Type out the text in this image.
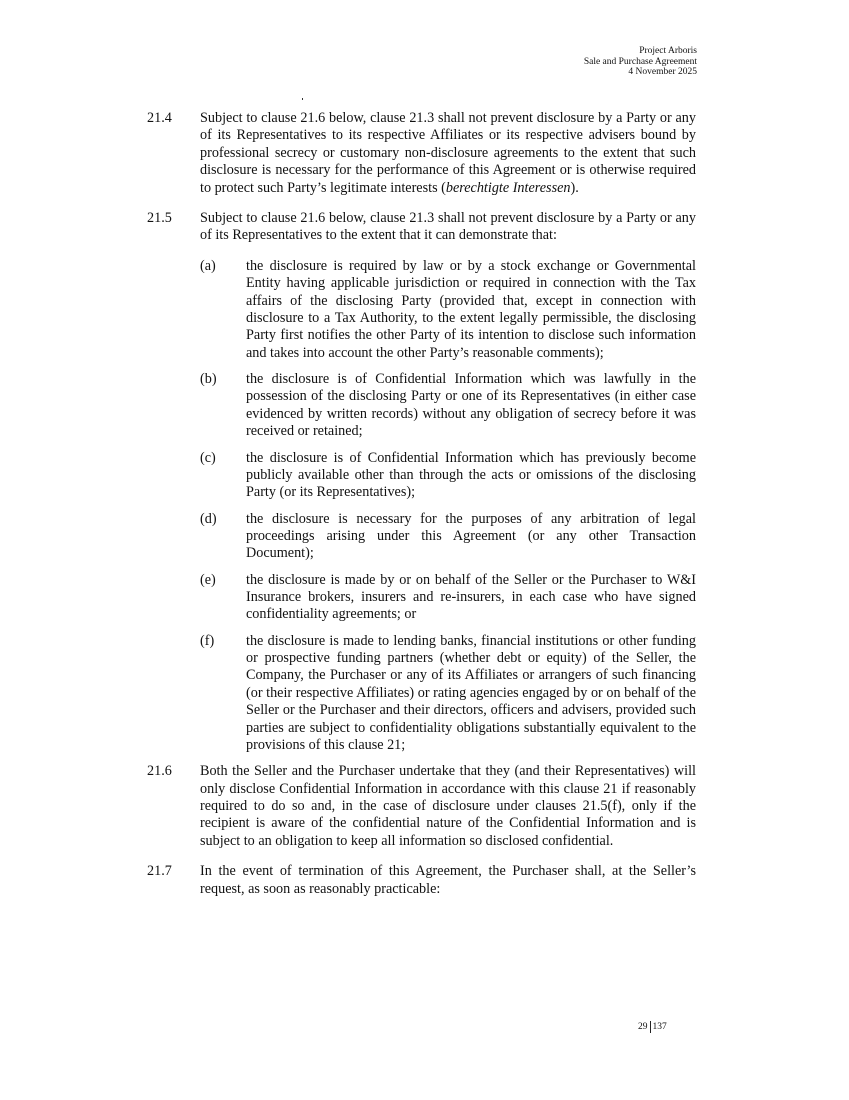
Project Arboris
Sale and Purchase Agreement
4 November 2025
21.4	Subject to clause 21.6 below, clause 21.3 shall not prevent disclosure by a Party or any of its Representatives to its respective Affiliates or its respective advisers bound by professional secrecy or customary non-disclosure agreements to the extent that such disclosure is necessary for the performance of this Agreement or is otherwise required to protect such Party’s legitimate interests (berechtigte Interessen).
21.5	Subject to clause 21.6 below, clause 21.3 shall not prevent disclosure by a Party or any of its Representatives to the extent that it can demonstrate that:
(a)	the disclosure is required by law or by a stock exchange or Governmental Entity having applicable jurisdiction or required in connection with the Tax affairs of the disclosing Party (provided that, except in connection with disclosure to a Tax Authority, to the extent legally permissible, the disclosing Party first notifies the other Party of its intention to disclose such information and takes into account the other Party’s reasonable comments);
(b)	the disclosure is of Confidential Information which was lawfully in the possession of the disclosing Party or one of its Representatives (in either case evidenced by written records) without any obligation of secrecy before it was received or retained;
(c)	the disclosure is of Confidential Information which has previously become publicly available other than through the acts or omissions of the disclosing Party (or its Representatives);
(d)	the disclosure is necessary for the purposes of any arbitration of legal proceedings arising under this Agreement (or any other Transaction Document);
(e)	the disclosure is made by or on behalf of the Seller or the Purchaser to W&I Insurance brokers, insurers and re-insurers, in each case who have signed confidentiality agreements; or
(f)	the disclosure is made to lending banks, financial institutions or other funding or prospective funding partners (whether debt or equity) of the Seller, the Company, the Purchaser or any of its Affiliates or arrangers of such financing (or their respective Affiliates) or rating agencies engaged by or on behalf of the Seller or the Purchaser and their directors, officers and advisers, provided such parties are subject to confidentiality obligations substantially equivalent to the provisions of this clause 21;
21.6	Both the Seller and the Purchaser undertake that they (and their Representatives) will only disclose Confidential Information in accordance with this clause 21 if reasonably required to do so and, in the case of disclosure under clauses 21.5(f), only if the recipient is aware of the confidential nature of the Confidential Information and is subject to an obligation to keep all information so disclosed confidential.
21.7	In the event of termination of this Agreement, the Purchaser shall, at the Seller’s request, as soon as reasonably practicable:
29 137
